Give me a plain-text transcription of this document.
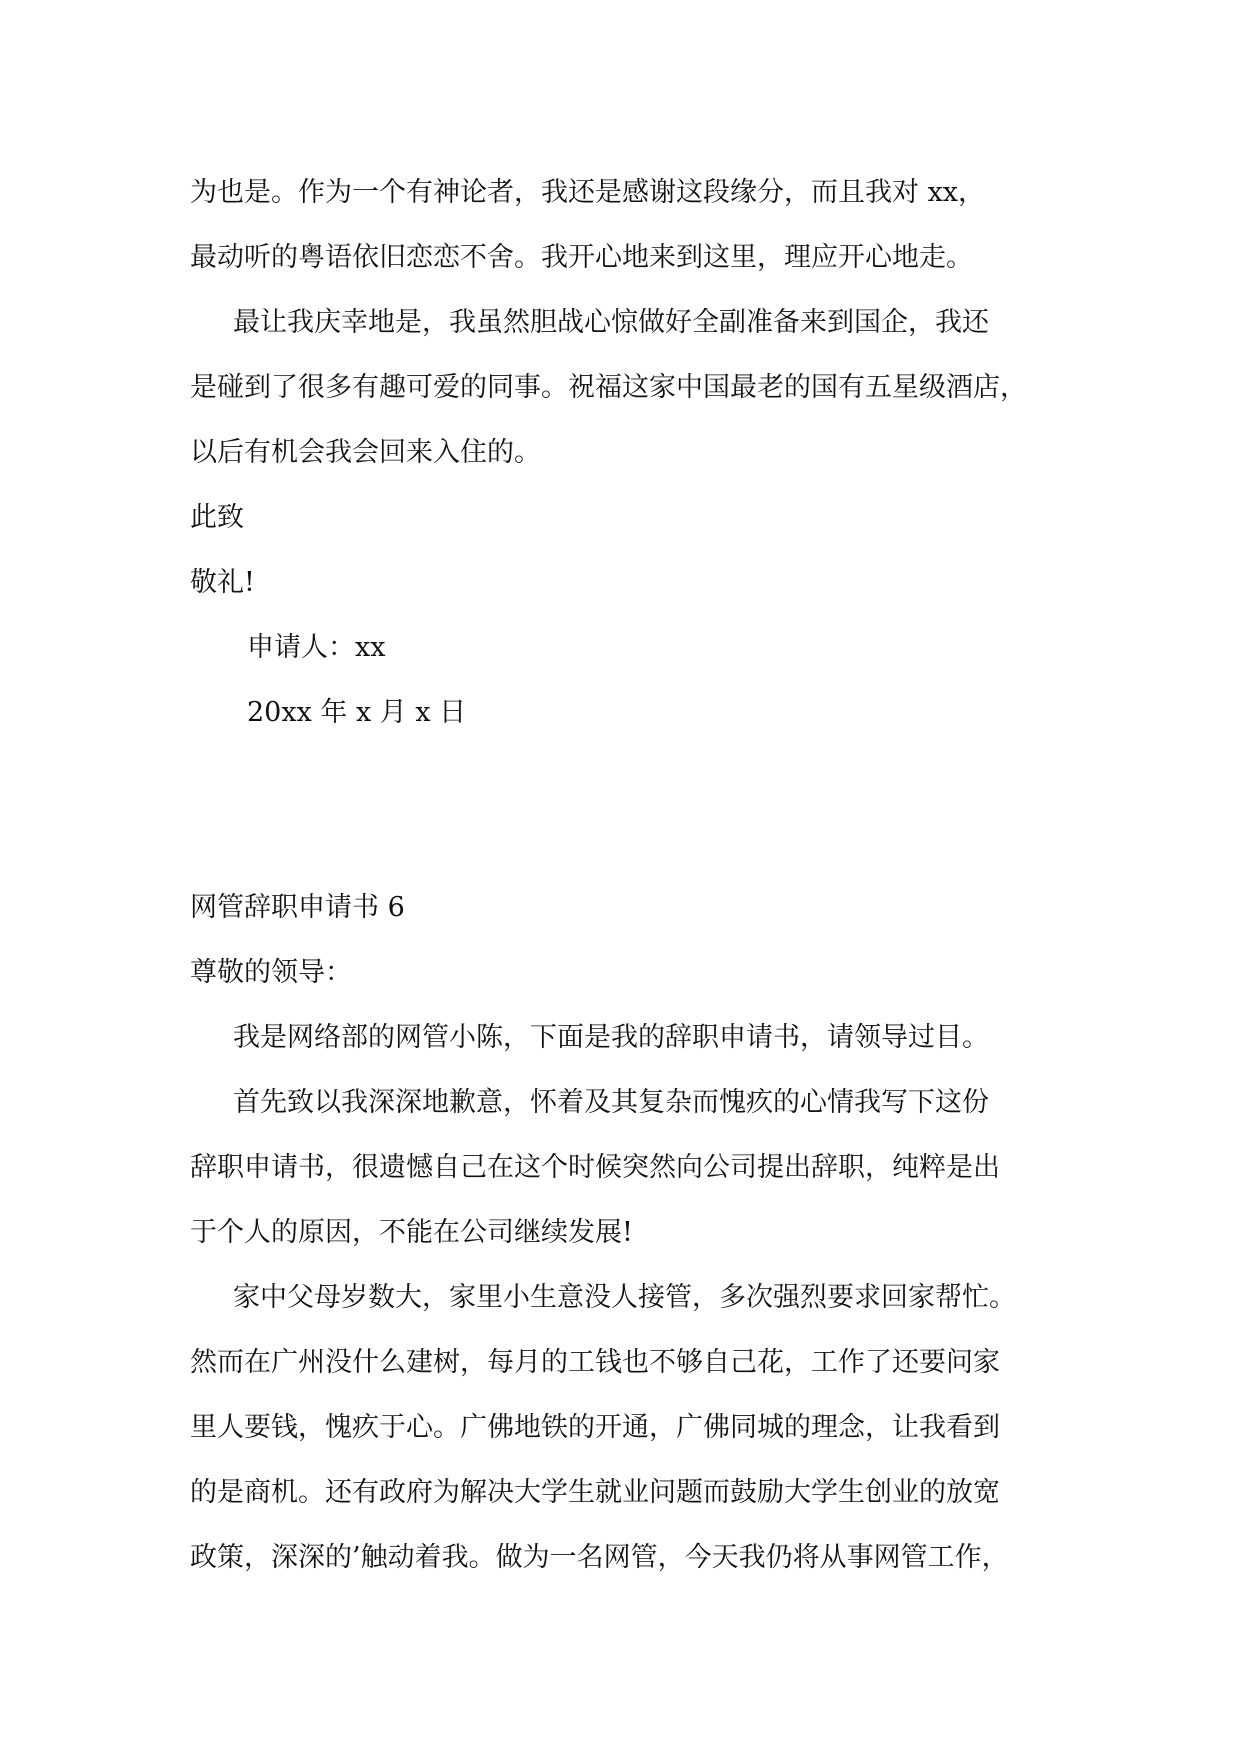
为也是。作为一个有神论者，我还是感谢这段缘分，而且我对 xx，
最动听的粤语依旧恋恋不舍。我开心地来到这里，理应开心地走。
最让我庆幸地是，我虽然胆战心惊做好全副准备来到国企，我还
是碰到了很多有趣可爱的同事。祝福这家中国最老的国有五星级酒店，
以后有机会我会回来入住的。
此致
敬礼!
申请人：xx
20xx 年 x 月 x 日
网管辞职申请书 6
尊敬的领导：
我是网络部的网管小陈，下面是我的辞职申请书，请领导过目。
首先致以我深深地歉意，怀着及其复杂而愧疚的心情我写下这份
辞职申请书，很遗憾自己在这个时候突然向公司提出辞职，纯粹是出
于个人的原因，不能在公司继续发展!
家中父母岁数大，家里小生意没人接管，多次强烈要求回家帮忙。
然而在广州没什么建树，每月的工钱也不够自己花，工作了还要问家
里人要钱，愧疚于心。广佛地铁的开通，广佛同城的理念，让我看到
的是商机。还有政府为解决大学生就业问题而鼓励大学生创业的放宽
政策，深深的’触动着我。做为一名网管，今天我仍将从事网管工作，
